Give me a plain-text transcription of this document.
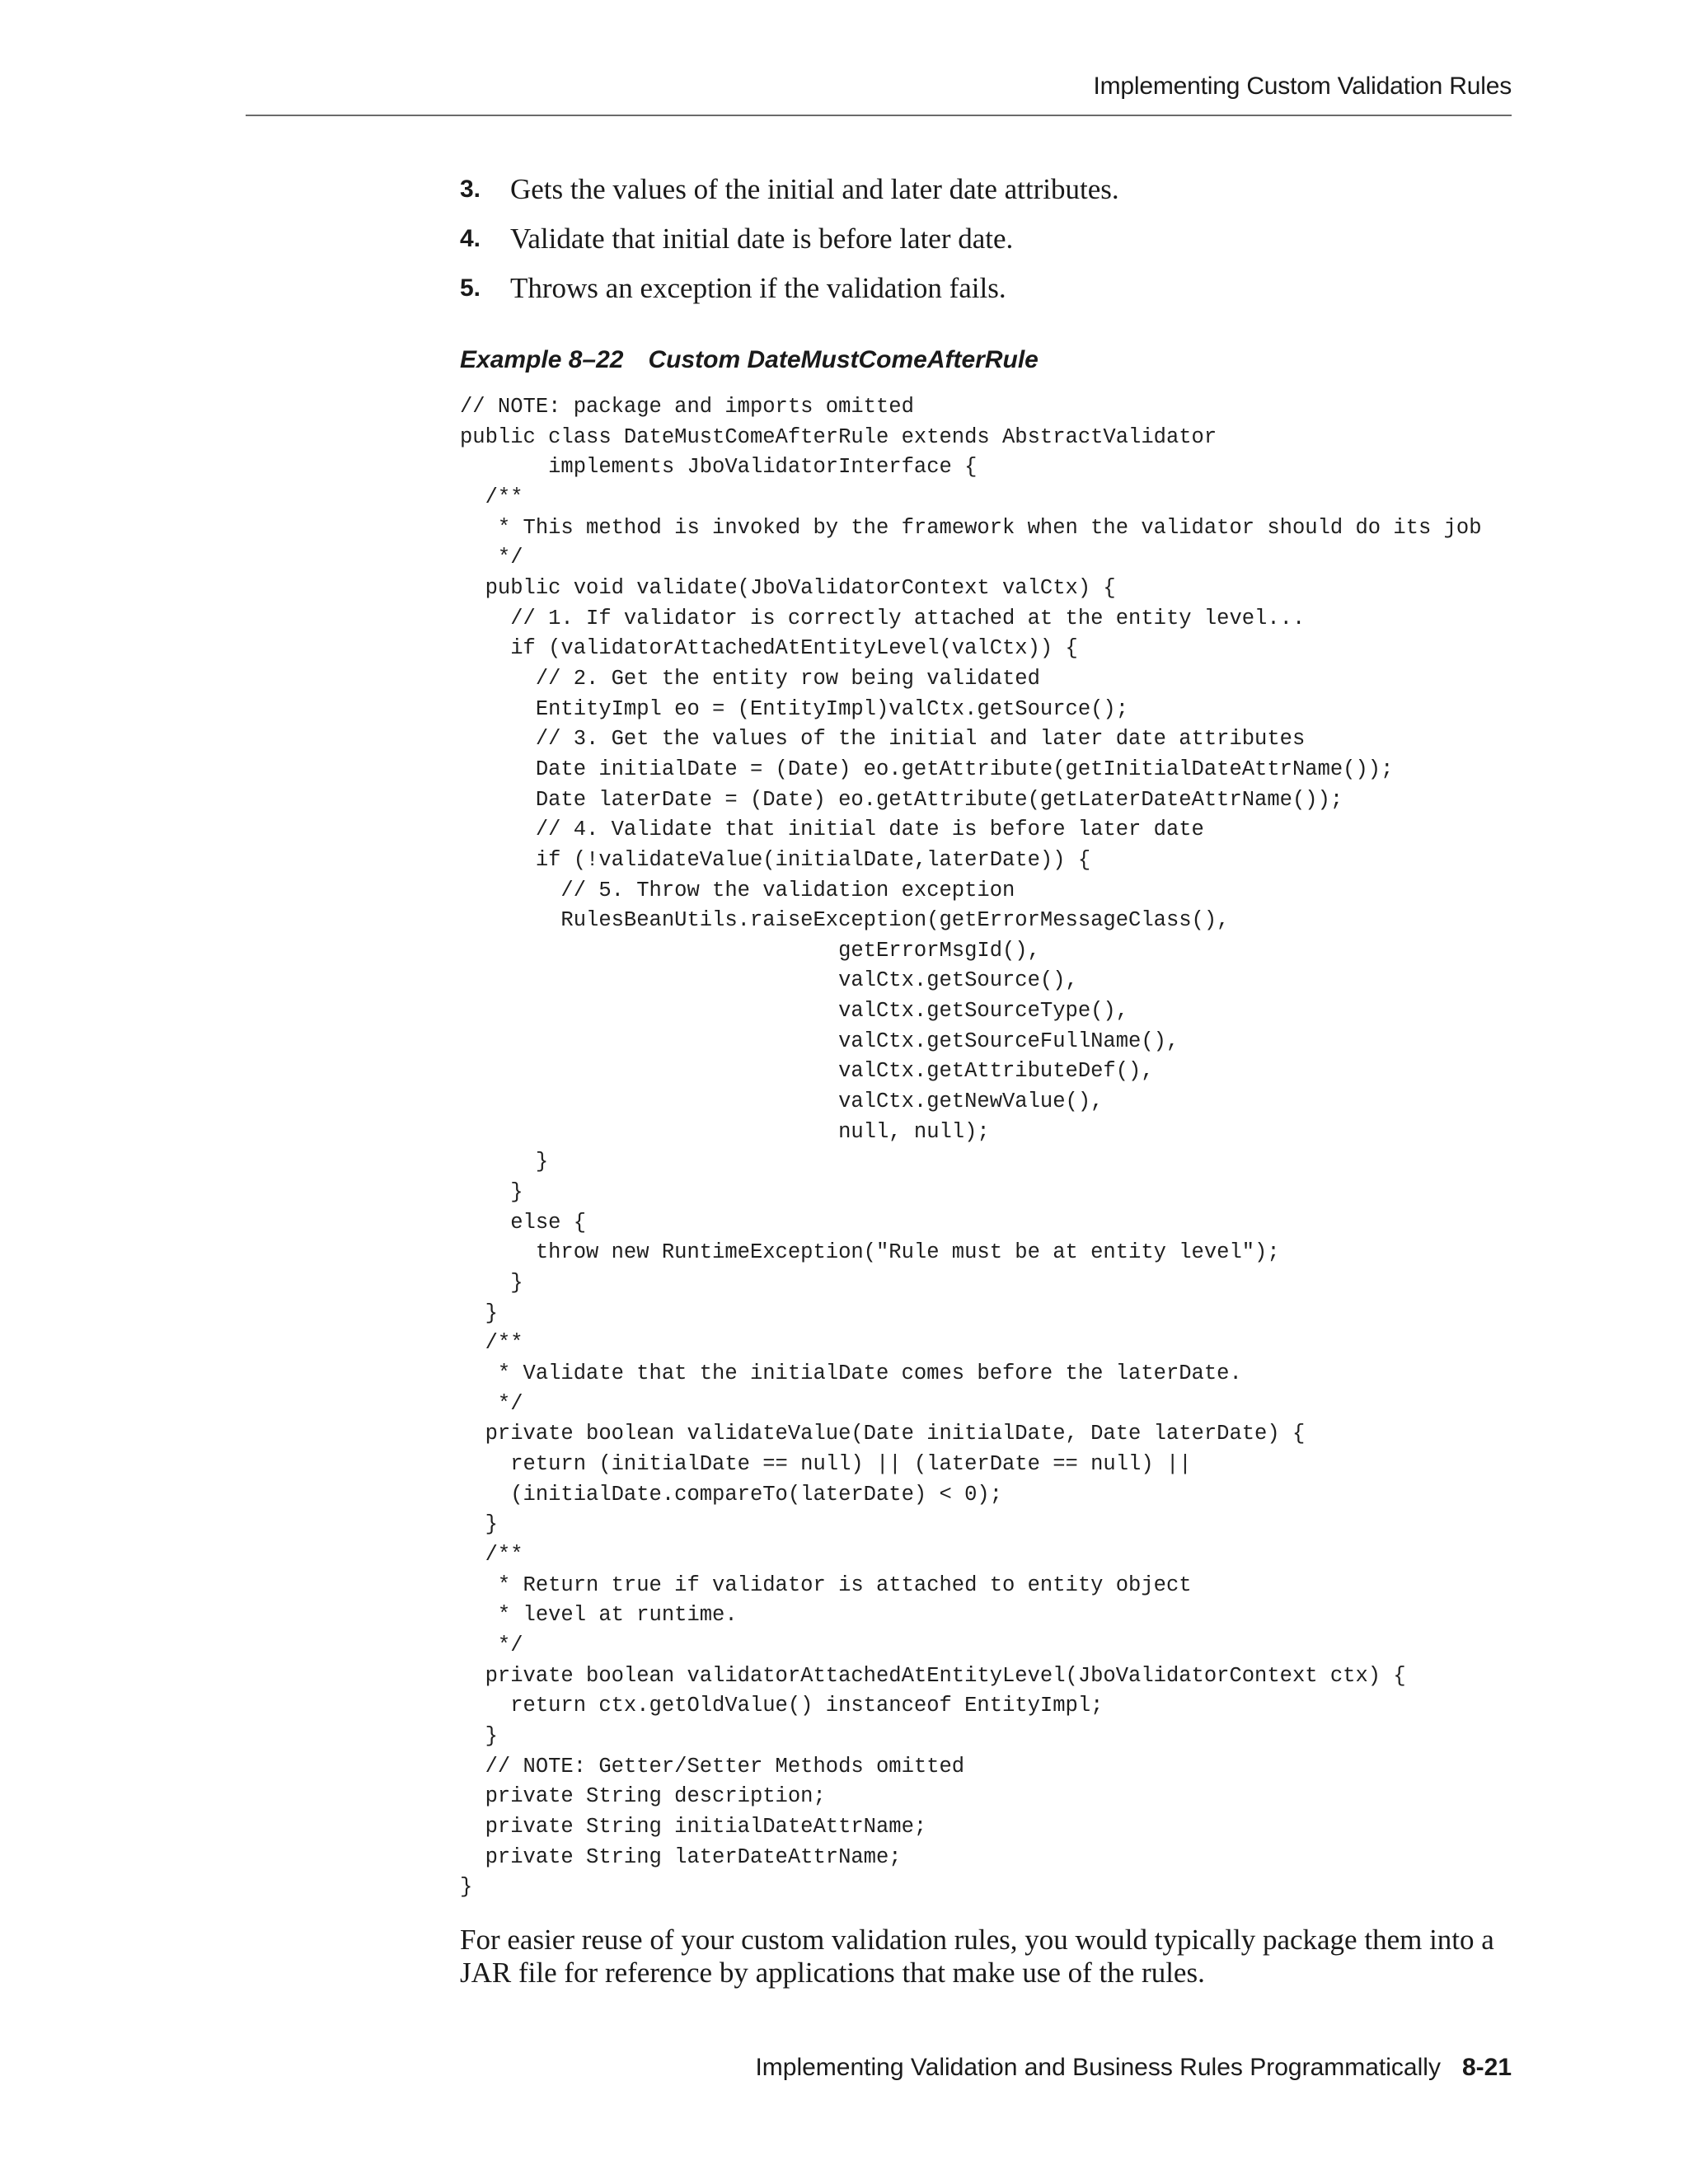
Implementing Custom Validation Rules
3.	Gets the values of the initial and later date attributes.
4.	Validate that initial date is before later date.
5.	Throws an exception if the validation fails.
Example 8–22 Custom DateMustComeAfterRule
// NOTE: package and imports omitted
public class DateMustComeAfterRule extends AbstractValidator
implements JboValidatorInterface {
/**
* This method is invoked by the framework when the validator should do its job
*/
public void validate(JboValidatorContext valCtx) {
// 1. If validator is correctly attached at the entity level...
if (validatorAttachedAtEntityLevel(valCtx)) {
// 2. Get the entity row being validated
EntityImpl eo = (EntityImpl)valCtx.getSource();
// 3. Get the values of the initial and later date attributes
Date initialDate = (Date) eo.getAttribute(getInitialDateAttrName());
Date laterDate = (Date) eo.getAttribute(getLaterDateAttrName());
// 4. Validate that initial date is before later date
if (!validateValue(initialDate,laterDate)) {
// 5. Throw the validation exception
RulesBeanUtils.raiseException(getErrorMessageClass(),
getErrorMsgId(),
valCtx.getSource(),
valCtx.getSourceType(),
valCtx.getSourceFullName(),
valCtx.getAttributeDef(),
valCtx.getNewValue(),
null, null);
}
}
else {
throw new RuntimeException("Rule must be at entity level");
}
}
/**
* Validate that the initialDate comes before the laterDate.
*/
private boolean validateValue(Date initialDate, Date laterDate) {
return (initialDate == null) || (laterDate == null) ||
(initialDate.compareTo(laterDate) < 0);
}
/**
* Return true if validator is attached to entity object
* level at runtime.
*/
private boolean validatorAttachedAtEntityLevel(JboValidatorContext ctx) {
return ctx.getOldValue() instanceof EntityImpl;
}
// NOTE: Getter/Setter Methods omitted
private String description;
private String initialDateAttrName;
private String laterDateAttrName;
}

For easier reuse of your custom validation rules, you would typically package them into a JAR file for reference by applications that make use of the rules.

Implementing Validation and Business Rules Programmatically 8-21
